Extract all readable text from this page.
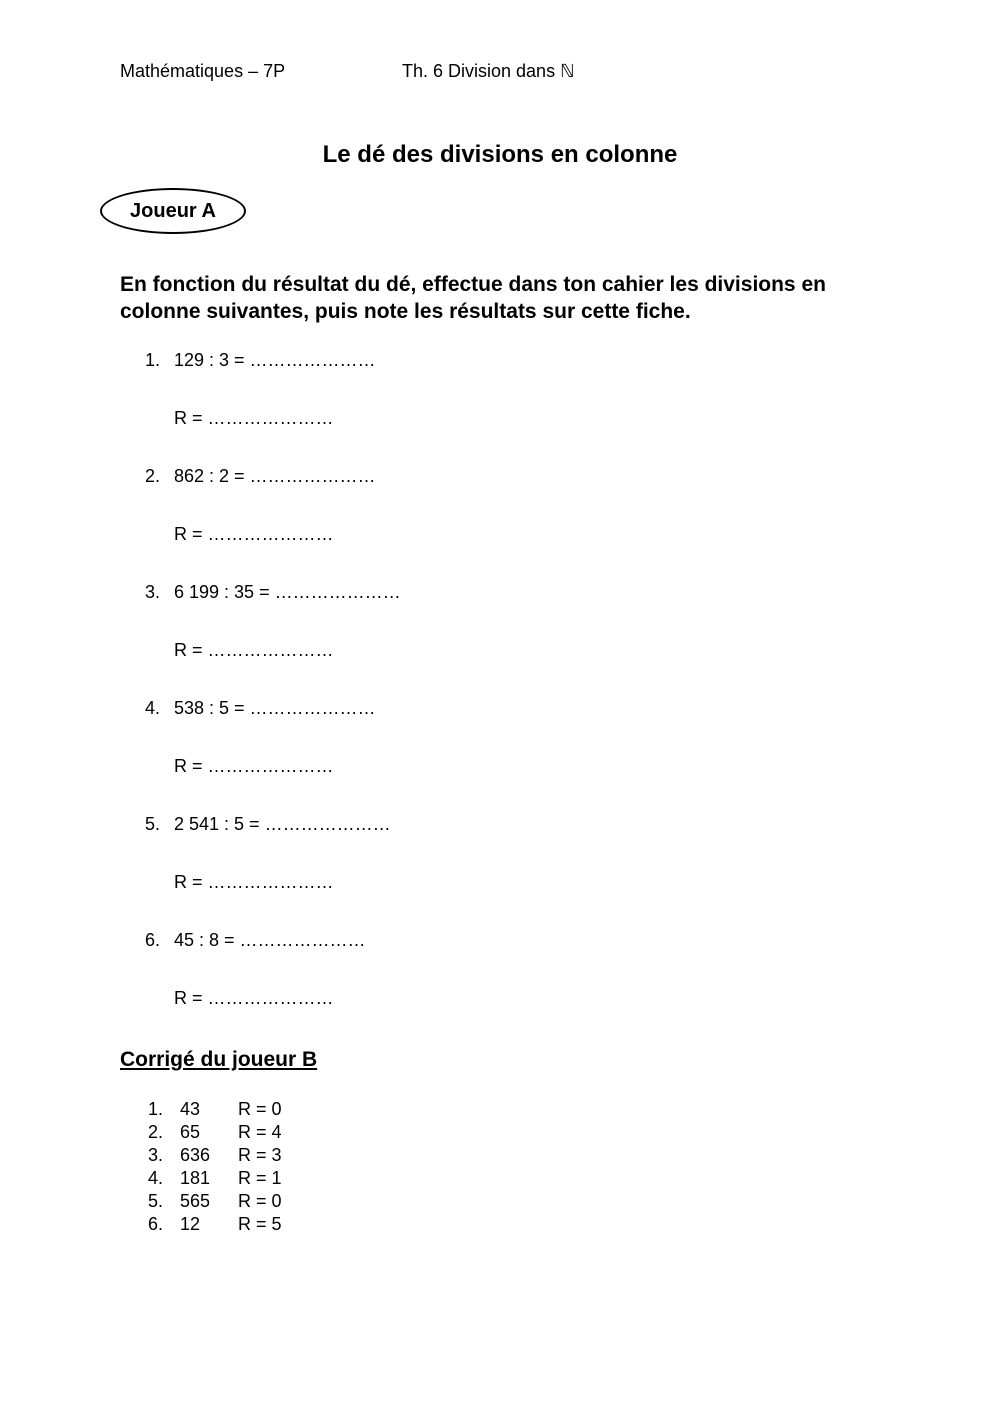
Mathématiques – 7P	Th. 6 Division dans ℕ
Le dé des divisions en colonne
Joueur A
En fonction du résultat du dé, effectue dans ton cahier les divisions en colonne suivantes, puis note les résultats sur cette fiche.
1. 129 : 3 = …………………
R = …………………
2. 862 : 2 = …………………
R = …………………
3. 6 199 : 35 = …………………
R = …………………
4. 538 : 5 = …………………
R = …………………
5. 2 541 : 5 = …………………
R = …………………
6. 45 : 8 = …………………
R = …………………
Corrigé du joueur B
1. 43 R = 0
2. 65 R = 4
3. 636 R = 3
4. 181 R = 1
5. 565 R = 0
6. 12 R = 5
